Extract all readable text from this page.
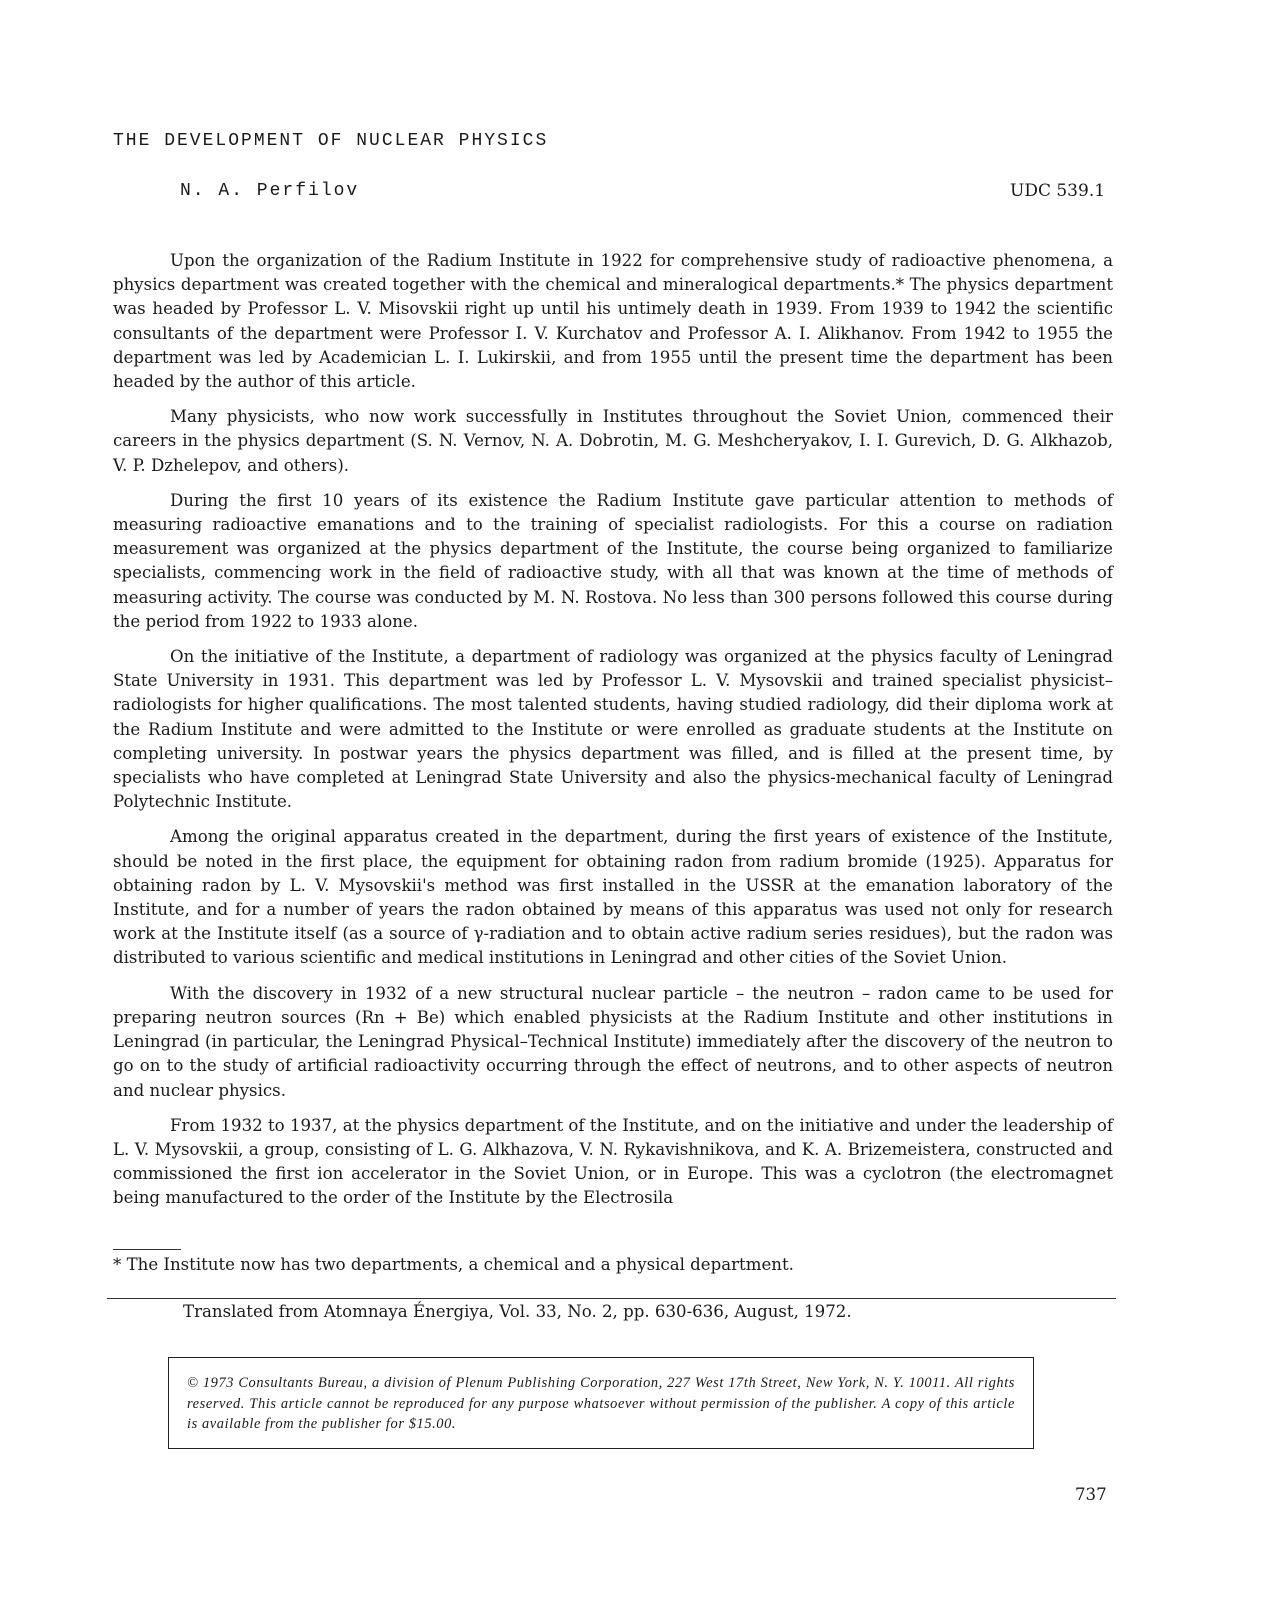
THE DEVELOPMENT OF NUCLEAR PHYSICS
N. A. Perfilov	UDC 539.1

Upon the organization of the Radium Institute in 1922 for comprehensive study of radioactive phenomena, a physics department was created together with the chemical and mineralogical departments.* The physics department was headed by Professor L. V. Misovskii right up until his untimely death in 1939. From 1939 to 1942 the scientific consultants of the department were Professor I. V. Kurchatov and Professor A. I. Alikhanov. From 1942 to 1955 the department was led by Academician L. I. Lukirskii, and from 1955 until the present time the department has been headed by the author of this article.

Many physicists, who now work successfully in Institutes throughout the Soviet Union, commenced their careers in the physics department (S. N. Vernov, N. A. Dobrotin, M. G. Meshcheryakov, I. I. Gurevich, D. G. Alkhazob, V. P. Dzhelepov, and others).

During the first 10 years of its existence the Radium Institute gave particular attention to methods of measuring radioactive emanations and to the training of specialist radiologists. For this a course on radiation measurement was organized at the physics department of the Institute, the course being organized to familiarize specialists, commencing work in the field of radioactive study, with all that was known at the time of methods of measuring activity. The course was conducted by M. N. Rostova. No less than 300 persons followed this course during the period from 1922 to 1933 alone.

On the initiative of the Institute, a department of radiology was organized at the physics faculty of Leningrad State University in 1931. This department was led by Professor L. V. Mysovskii and trained specialist physicist–radiologists for higher qualifications. The most talented students, having studied radiology, did their diploma work at the Radium Institute and were admitted to the Institute or were enrolled as graduate students at the Institute on completing university. In postwar years the physics department was filled, and is filled at the present time, by specialists who have completed at Leningrad State University and also the physics-mechanical faculty of Leningrad Polytechnic Institute.

Among the original apparatus created in the department, during the first years of existence of the Institute, should be noted in the first place, the equipment for obtaining radon from radium bromide (1925). Apparatus for obtaining radon by L. V. Mysovskii's method was first installed in the USSR at the emanation laboratory of the Institute, and for a number of years the radon obtained by means of this apparatus was used not only for research work at the Institute itself (as a source of γ-radiation and to obtain active radium series residues), but the radon was distributed to various scientific and medical institutions in Leningrad and other cities of the Soviet Union.

With the discovery in 1932 of a new structural nuclear particle – the neutron – radon came to be used for preparing neutron sources (Rn + Be) which enabled physicists at the Radium Institute and other institutions in Leningrad (in particular, the Leningrad Physical–Technical Institute) immediately after the discovery of the neutron to go on to the study of artificial radioactivity occurring through the effect of neutrons, and to other aspects of neutron and nuclear physics.

From 1932 to 1937, at the physics department of the Institute, and on the initiative and under the leadership of L. V. Mysovskii, a group, consisting of L. G. Alkhazova, V. N. Rykavishnikova, and K. A. Brizemeistera, constructed and commissioned the first ion accelerator in the Soviet Union, or in Europe. This was a cyclotron (the electromagnet being manufactured to the order of the Institute by the Electrosila

* The Institute now has two departments, a chemical and a physical department.
Translated from Atomnaya Énergiya, Vol. 33, No. 2, pp. 630-636, August, 1972.

© 1973 Consultants Bureau, a division of Plenum Publishing Corporation, 227 West 17th Street, New York, N. Y. 10011. All rights reserved. This article cannot be reproduced for any purpose whatsoever without permission of the publisher. A copy of this article is available from the publisher for $15.00.

737
